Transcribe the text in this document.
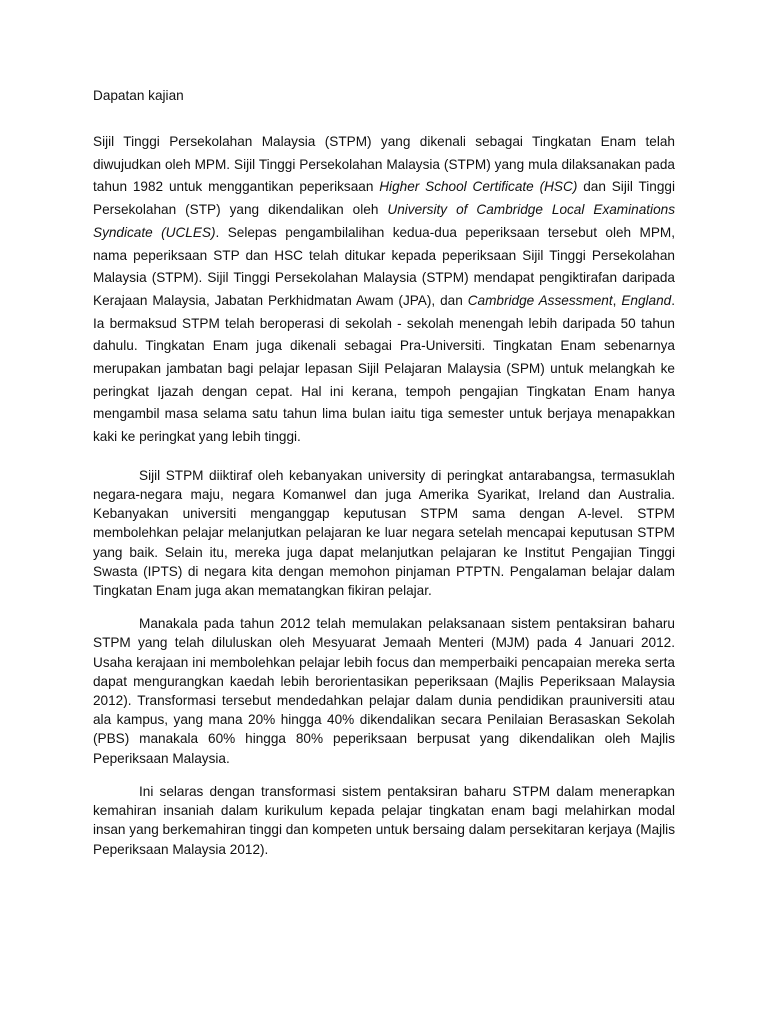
Dapatan kajian

Sijil Tinggi Persekolahan Malaysia (STPM) yang dikenali sebagai Tingkatan Enam telah diwujudkan oleh MPM. Sijil Tinggi Persekolahan Malaysia (STPM) yang mula dilaksanakan pada tahun 1982 untuk menggantikan peperiksaan Higher School Certificate (HSC) dan Sijil Tinggi Persekolahan (STP) yang dikendalikan oleh University of Cambridge Local Examinations Syndicate (UCLES). Selepas pengambilalihan kedua-dua peperiksaan tersebut oleh MPM, nama peperiksaan STP dan HSC telah ditukar kepada peperiksaan Sijil Tinggi Persekolahan Malaysia (STPM). Sijil Tinggi Persekolahan Malaysia (STPM) mendapat pengiktirafan daripada Kerajaan Malaysia, Jabatan Perkhidmatan Awam (JPA), dan Cambridge Assessment, England. Ia bermaksud STPM telah beroperasi di sekolah - sekolah menengah lebih daripada 50 tahun dahulu. Tingkatan Enam juga dikenali sebagai Pra-Universiti. Tingkatan Enam sebenarnya merupakan jambatan bagi pelajar lepasan Sijil Pelajaran Malaysia (SPM) untuk melangkah ke peringkat Ijazah dengan cepat. Hal ini kerana, tempoh pengajian Tingkatan Enam hanya mengambil masa selama satu tahun lima bulan iaitu tiga semester untuk berjaya menapakkan kaki ke peringkat yang lebih tinggi.

Sijil STPM diiktiraf oleh kebanyakan university di peringkat antarabangsa, termasuklah negara-negara maju, negara Komanwel dan juga Amerika Syarikat, Ireland dan Australia. Kebanyakan universiti menganggap keputusan STPM sama dengan A-level. STPM membolehkan pelajar melanjutkan pelajaran ke luar negara setelah mencapai keputusan STPM yang baik. Selain itu, mereka juga dapat melanjutkan pelajaran ke Institut Pengajian Tinggi Swasta (IPTS) di negara kita dengan memohon pinjaman PTPTN. Pengalaman belajar dalam Tingkatan Enam juga akan mematangkan fikiran pelajar.

Manakala pada tahun 2012 telah memulakan pelaksanaan sistem pentaksiran baharu STPM yang telah diluluskan oleh Mesyuarat Jemaah Menteri (MJM) pada 4 Januari 2012. Usaha kerajaan ini membolehkan pelajar lebih focus dan memperbaiki pencapaian mereka serta dapat mengurangkan kaedah lebih berorientasikan peperiksaan (Majlis Peperiksaan Malaysia 2012). Transformasi tersebut mendedahkan pelajar dalam dunia pendidikan prauniversiti atau ala kampus, yang mana 20% hingga 40% dikendalikan secara Penilaian Berasaskan Sekolah (PBS) manakala 60% hingga 80% peperiksaan berpusat yang dikendalikan oleh Majlis Peperiksaan Malaysia.

Ini selaras dengan transformasi sistem pentaksiran baharu STPM dalam menerapkan kemahiran insaniah dalam kurikulum kepada pelajar tingkatan enam bagi melahirkan modal insan yang berkemahiran tinggi dan kompeten untuk bersaing dalam persekitaran kerjaya (Majlis Peperiksaan Malaysia 2012).
